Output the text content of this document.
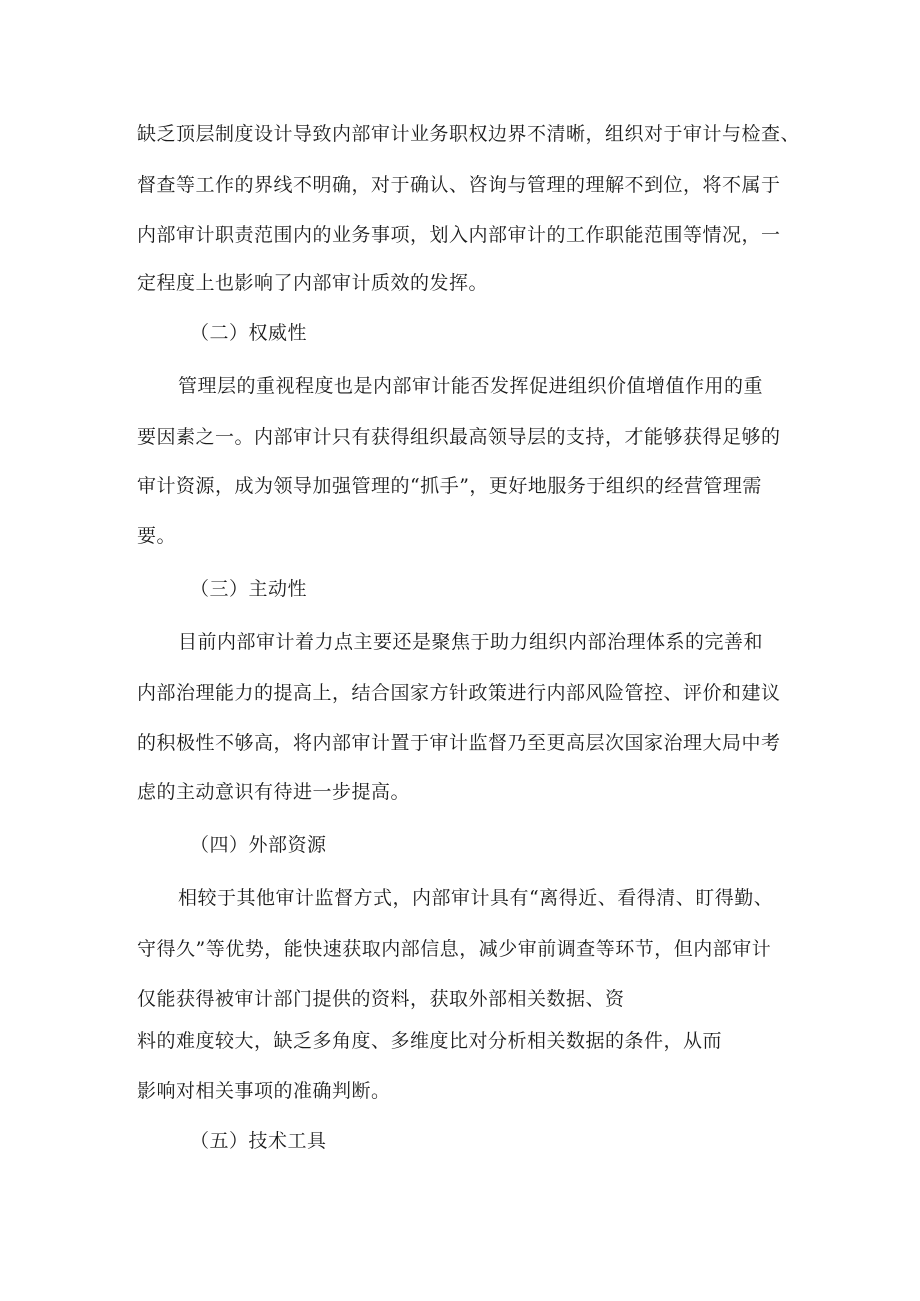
缺乏顶层制度设计导致内部审计业务职权边界不清晰，组织对于审计与检查、
督查等工作的界线不明确，对于确认、咨询与管理的理解不到位，将不属于
内部审计职责范围内的业务事项，划入内部审计的工作职能范围等情况，一
定程度上也影响了内部审计质效的发挥。
（二）权威性
管理层的重视程度也是内部审计能否发挥促进组织价值增值作用的重
要因素之一。内部审计只有获得组织最高领导层的支持，才能够获得足够的
审计资源，成为领导加强管理的“抓手”，更好地服务于组织的经营管理需
要。
（三）主动性
目前内部审计着力点主要还是聚焦于助力组织内部治理体系的完善和
内部治理能力的提高上，结合国家方针政策进行内部风险管控、评价和建议
的积极性不够高，将内部审计置于审计监督乃至更高层次国家治理大局中考
虑的主动意识有待进一步提高。
（四）外部资源
相较于其他审计监督方式，内部审计具有“离得近、看得清、盯得勤、
守得久”等优势，能快速获取内部信息，减少审前调查等环节，但内部审计
仅能获得被审计部门提供的资料，获取外部相关数据、资
料的难度较大，缺乏多角度、多维度比对分析相关数据的条件，从而
影响对相关事项的准确判断。
（五）技术工具
